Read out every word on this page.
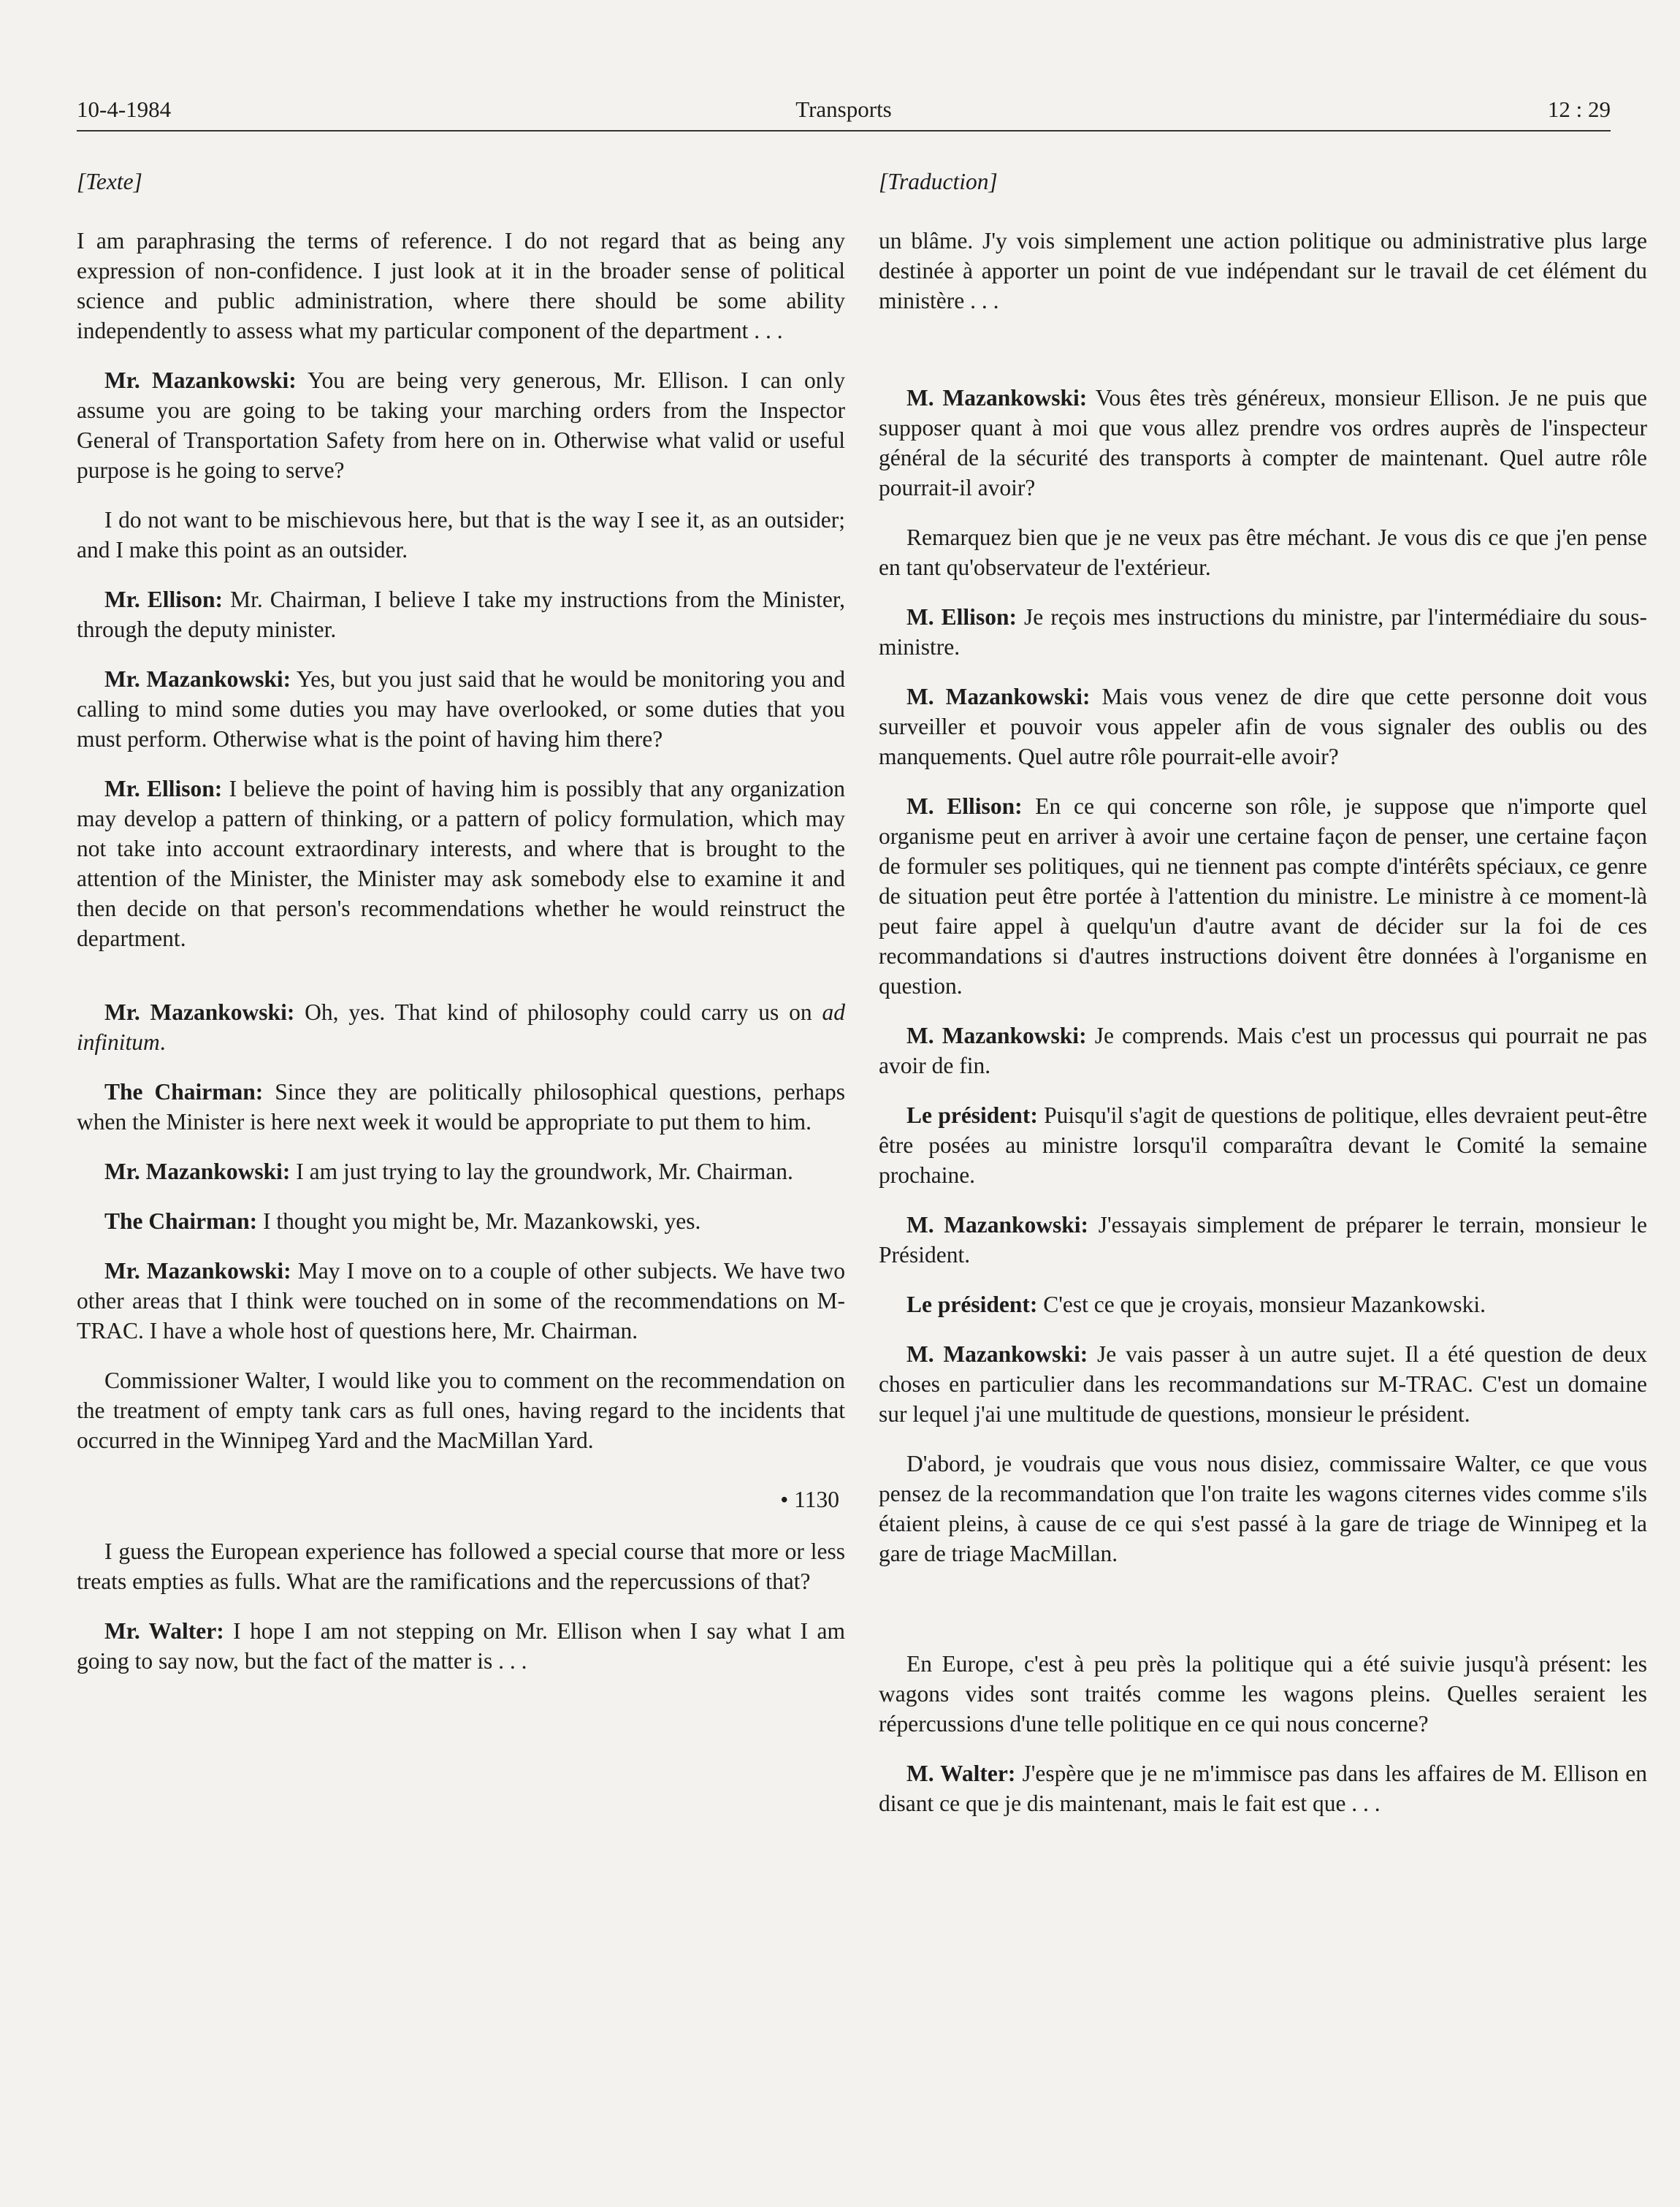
10-4-1984	Transports	12 : 29
[Texte]

I am paraphrasing the terms of reference. I do not regard that as being any expression of non-confidence. I just look at it in the broader sense of political science and public administration, where there should be some ability independently to assess what my particular component of the department . . .

Mr. Mazankowski: You are being very generous, Mr. Ellison. I can only assume you are going to be taking your marching orders from the Inspector General of Transportation Safety from here on in. Otherwise what valid or useful purpose is he going to serve?

I do not want to be mischievous here, but that is the way I see it, as an outsider; and I make this point as an outsider.

Mr. Ellison: Mr. Chairman, I believe I take my instructions from the Minister, through the deputy minister.

Mr. Mazankowski: Yes, but you just said that he would be monitoring you and calling to mind some duties you may have overlooked, or some duties that you must perform. Otherwise what is the point of having him there?

Mr. Ellison: I believe the point of having him is possibly that any organization may develop a pattern of thinking, or a pattern of policy formulation, which may not take into account extraordinary interests, and where that is brought to the attention of the Minister, the Minister may ask somebody else to examine it and then decide on that person's recommendations whether he would reinstruct the department.

Mr. Mazankowski: Oh, yes. That kind of philosophy could carry us on ad infinitum.

The Chairman: Since they are politically philosophical questions, perhaps when the Minister is here next week it would be appropriate to put them to him.

Mr. Mazankowski: I am just trying to lay the groundwork, Mr. Chairman.

The Chairman: I thought you might be, Mr. Mazankowski, yes.

Mr. Mazankowski: May I move on to a couple of other subjects. We have two other areas that I think were touched on in some of the recommendations on M-TRAC. I have a whole host of questions here, Mr. Chairman.

Commissioner Walter, I would like you to comment on the recommendation on the treatment of empty tank cars as full ones, having regard to the incidents that occurred in the Winnipeg Yard and the MacMillan Yard.

• 1130

I guess the European experience has followed a special course that more or less treats empties as fulls. What are the ramifications and the repercussions of that?

Mr. Walter: I hope I am not stepping on Mr. Ellison when I say what I am going to say now, but the fact of the matter is . . .

[Traduction]

un blâme. J'y vois simplement une action politique ou administrative plus large destinée à apporter un point de vue indépendant sur le travail de cet élément du ministère . . .

M. Mazankowski: Vous êtes très généreux, monsieur Ellison. Je ne puis que supposer quant à moi que vous allez prendre vos ordres auprès de l'inspecteur général de la sécurité des transports à compter de maintenant. Quel autre rôle pourrait-il avoir?

Remarquez bien que je ne veux pas être méchant. Je vous dis ce que j'en pense en tant qu'observateur de l'extérieur.

M. Ellison: Je reçois mes instructions du ministre, par l'intermédiaire du sous-ministre.

M. Mazankowski: Mais vous venez de dire que cette personne doit vous surveiller et pouvoir vous appeler afin de vous signaler des oublis ou des manquements. Quel autre rôle pourrait-elle avoir?

M. Ellison: En ce qui concerne son rôle, je suppose que n'importe quel organisme peut en arriver à avoir une certaine façon de penser, une certaine façon de formuler ses politiques, qui ne tiennent pas compte d'intérêts spéciaux, ce genre de situation peut être portée à l'attention du ministre. Le ministre à ce moment-là peut faire appel à quelqu'un d'autre avant de décider sur la foi de ces recommandations si d'autres instructions doivent être données à l'organisme en question.

M. Mazankowski: Je comprends. Mais c'est un processus qui pourrait ne pas avoir de fin.

Le président: Puisqu'il s'agit de questions de politique, elles devraient peut-être être posées au ministre lorsqu'il comparaîtra devant le Comité la semaine prochaine.

M. Mazankowski: J'essayais simplement de préparer le terrain, monsieur le Président.

Le président: C'est ce que je croyais, monsieur Mazankowski.

M. Mazankowski: Je vais passer à un autre sujet. Il a été question de deux choses en particulier dans les recommandations sur M-TRAC. C'est un domaine sur lequel j'ai une multitude de questions, monsieur le président.

D'abord, je voudrais que vous nous disiez, commissaire Walter, ce que vous pensez de la recommandation que l'on traite les wagons citernes vides comme s'ils étaient pleins, à cause de ce qui s'est passé à la gare de triage de Winnipeg et la gare de triage MacMillan.

En Europe, c'est à peu près la politique qui a été suivie jusqu'à présent: les wagons vides sont traités comme les wagons pleins. Quelles seraient les répercussions d'une telle politique en ce qui nous concerne?

M. Walter: J'espère que je ne m'immisce pas dans les affaires de M. Ellison en disant ce que je dis maintenant, mais le fait est que . . .
